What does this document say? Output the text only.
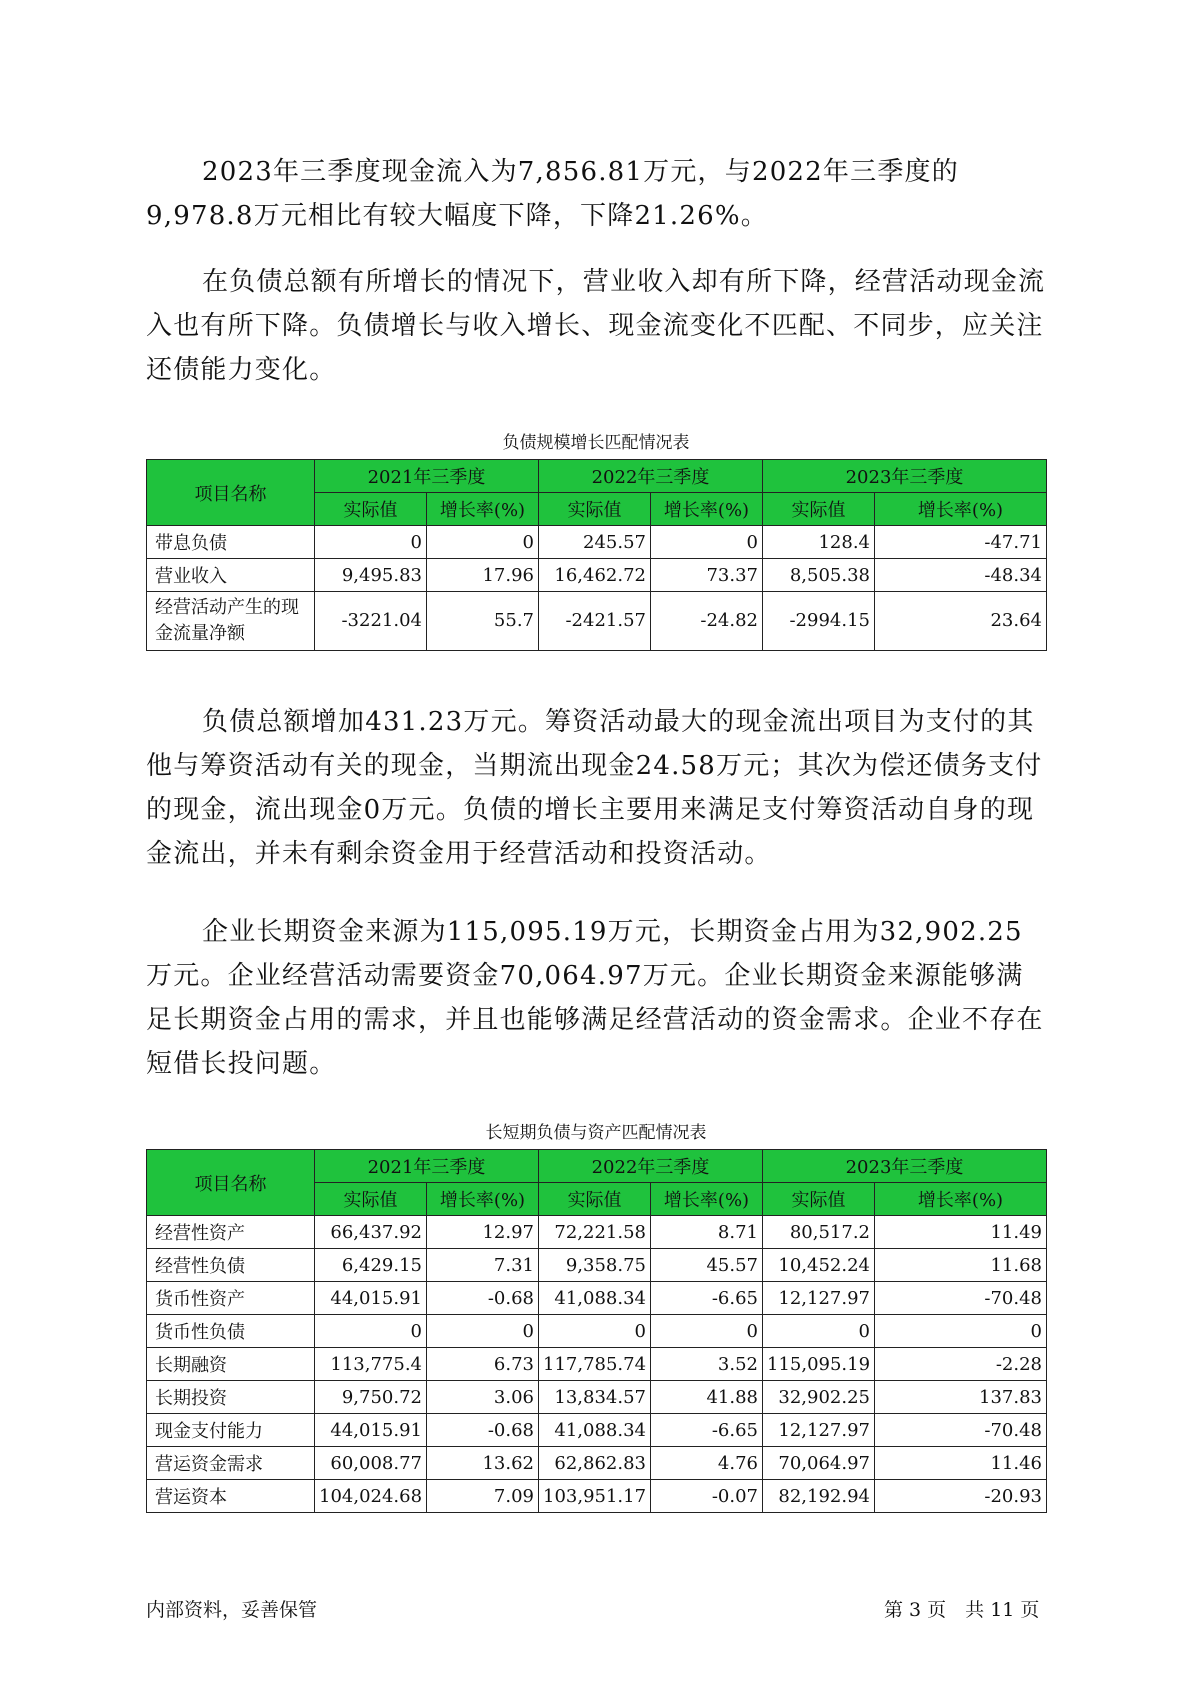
2023年三季度现金流入为7,856.81万元，与2022年三季度的9,978.8万元相比有较大幅度下降，下降21.26%。

在负债总额有所增长的情况下，营业收入却有所下降，经营活动现金流入也有所下降。负债增长与收入增长、现金流变化不匹配、不同步，应关注还债能力变化。

负债规模增长匹配情况表
项目名称	2021年三季度		2022年三季度		2023年三季度	
	实际值	增长率(%)	实际值	增长率(%)	实际值	增长率(%)
带息负债	0	0	245.57	0	128.4	-47.71
营业收入	9,495.83	17.96	16,462.72	73.37	8,505.38	-48.34
经营活动产生的现金流量净额	-3221.04	55.7	-2421.57	-24.82	-2994.15	23.64

负债总额增加431.23万元。筹资活动最大的现金流出项目为支付的其他与筹资活动有关的现金，当期流出现金24.58万元；其次为偿还债务支付的现金，流出现金0万元。负债的增长主要用来满足支付筹资活动自身的现金流出，并未有剩余资金用于经营活动和投资活动。

企业长期资金来源为115,095.19万元，长期资金占用为32,902.25万元。企业经营活动需要资金70,064.97万元。企业长期资金来源能够满足长期资金占用的需求，并且也能够满足经营活动的资金需求。企业不存在短借长投问题。

长短期负债与资产匹配情况表
项目名称	2021年三季度		2022年三季度		2023年三季度	
	实际值	增长率(%)	实际值	增长率(%)	实际值	增长率(%)
经营性资产	66,437.92	12.97	72,221.58	8.71	80,517.2	11.49
经营性负债	6,429.15	7.31	9,358.75	45.57	10,452.24	11.68
货币性资产	44,015.91	-0.68	41,088.34	-6.65	12,127.97	-70.48
货币性负债	0	0	0	0	0	0
长期融资	113,775.4	6.73	117,785.74	3.52	115,095.19	-2.28
长期投资	9,750.72	3.06	13,834.57	41.88	32,902.25	137.83
现金支付能力	44,015.91	-0.68	41,088.34	-6.65	12,127.97	-70.48
营运资金需求	60,008.77	13.62	62,862.83	4.76	70,064.97	11.46
营运资本	104,024.68	7.09	103,951.17	-0.07	82,192.94	-20.93
内部资料，妥善保管	第 3 页　共 11 页
